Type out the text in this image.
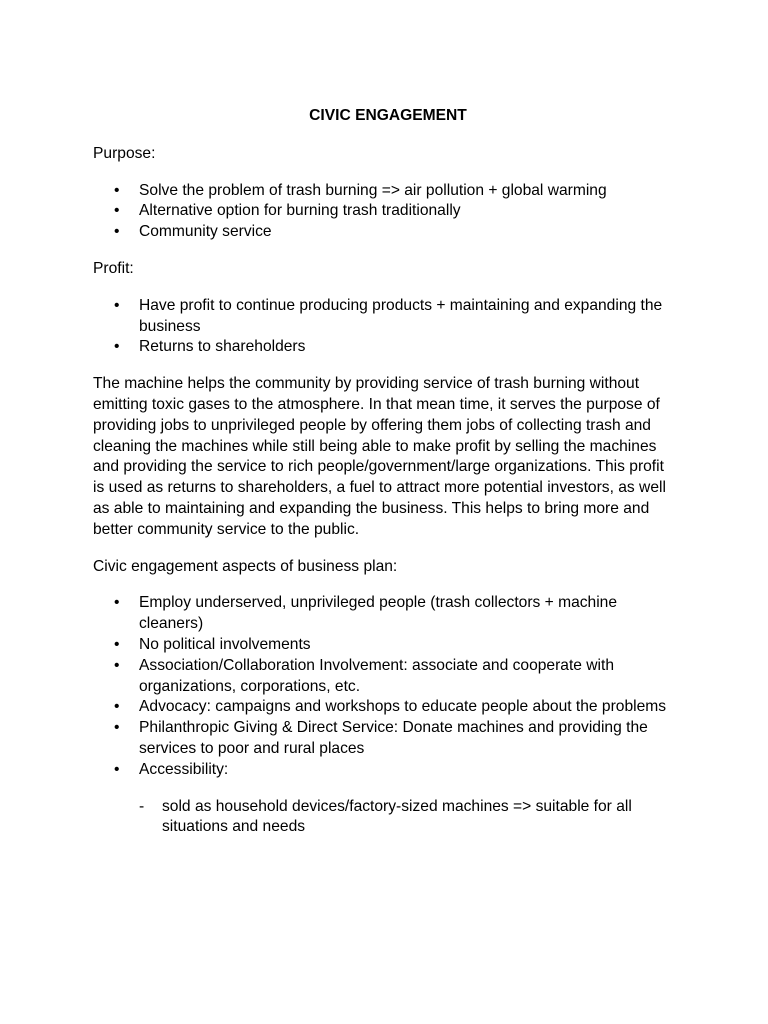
CIVIC ENGAGEMENT
Purpose:
• Solve the problem of trash burning => air pollution + global warming
• Alternative option for burning trash traditionally
• Community service
Profit:
• Have profit to continue producing products + maintaining and expanding the business
• Returns to shareholders
The machine helps the community by providing service of trash burning without emitting toxic gases to the atmosphere. In that mean time, it serves the purpose of providing jobs to unprivileged people by offering them jobs of collecting trash and cleaning the machines while still being able to make profit by selling the machines and providing the service to rich people/government/large organizations. This profit is used as returns to shareholders, a fuel to attract more potential investors, as well as able to maintaining and expanding the business. This helps to bring more and better community service to the public.
Civic engagement aspects of business plan:
• Employ underserved, unprivileged people (trash collectors + machine cleaners)
• No political involvements
• Association/Collaboration Involvement: associate and cooperate with organizations, corporations, etc.
• Advocacy: campaigns and workshops to educate people about the problems
• Philanthropic Giving & Direct Service: Donate machines and providing the services to poor and rural places
• Accessibility:
- sold as household devices/factory-sized machines => suitable for all situations and needs
